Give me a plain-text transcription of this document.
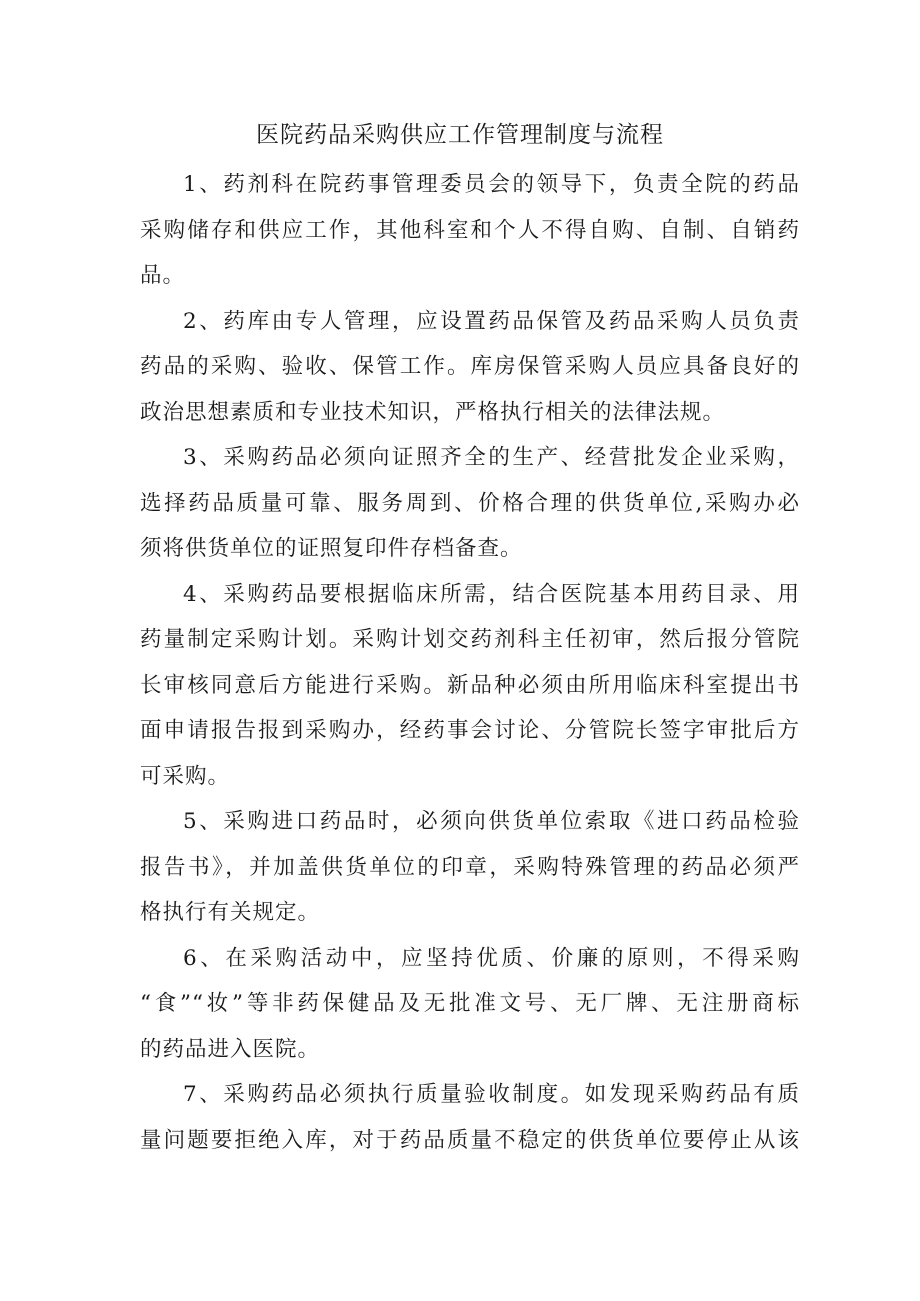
医院药品采购供应工作管理制度与流程
1、药剂科在院药事管理委员会的领导下，负责全院的药品
采购储存和供应工作，其他科室和个人不得自购、自制、自销药
品。
2、药库由专人管理，应设置药品保管及药品采购人员负责
药品的采购、验收、保管工作。库房保管采购人员应具备良好的
政治思想素质和专业技术知识，严格执行相关的法律法规。
3、采购药品必须向证照齐全的生产、经营批发企业采购，
选择药品质量可靠、服务周到、价格合理的供货单位,采购办必
须将供货单位的证照复印件存档备查。
4、采购药品要根据临床所需，结合医院基本用药目录、用
药量制定采购计划。采购计划交药剂科主任初审，然后报分管院
长审核同意后方能进行采购。新品种必须由所用临床科室提出书
面申请报告报到采购办，经药事会讨论、分管院长签字审批后方
可采购。
5、采购进口药品时，必须向供货单位索取《进口药品检验
报告书》，并加盖供货单位的印章，采购特殊管理的药品必须严
格执行有关规定。
6、在采购活动中，应坚持优质、价廉的原则，不得采购
“食”“妆”等非药保健品及无批准文号、无厂牌、无注册商标
的药品进入医院。
7、采购药品必须执行质量验收制度。如发现采购药品有质
量问题要拒绝入库，对于药品质量不稳定的供货单位要停止从该
